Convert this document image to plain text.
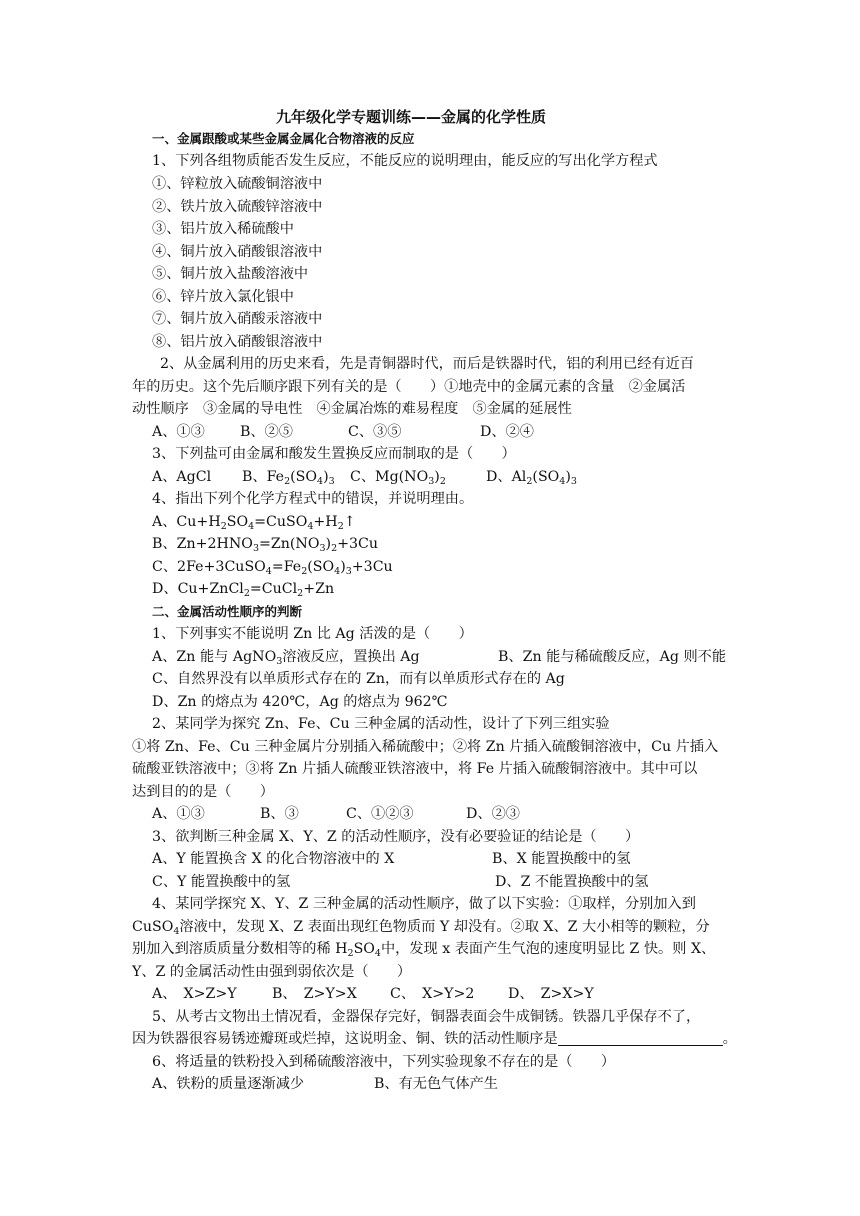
九年级化学专题训练——金属的化学性质
一、金属跟酸或某些金属金属化合物溶液的反应
1、下列各组物质能否发生反应，不能反应的说明理由，能反应的写出化学方程式
①、锌粒放入硫酸铜溶液中
②、铁片放入硫酸锌溶液中
③、铝片放入稀硫酸中
④、铜片放入硝酸银溶液中
⑤、铜片放入盐酸溶液中
⑥、锌片放入氯化银中
⑦、铜片放入硝酸汞溶液中
⑧、铝片放入硝酸银溶液中
2、从金属利用的历史来看，先是青铜器时代，而后是铁器时代，铝的利用已经有近百
年的历史。这个先后顺序跟下列有关的是（　　）①地壳中的金属元素的含量　②金属活
动性顺序　③金属的导电性　④金属冶炼的难易程度　⑤金属的延展性
A、①③ B、②⑤	C、③⑤	D、②④
3、下列盐可由金属和酸发生置换反应而制取的是（　　）
A、AgCl B、$Fe_2(SO_4)_3$ C、$Mg(NO_3)_2$	D、$Al_2(SO_4)_3$
4、指出下列个化学方程式中的错误，并说明理由。
A、$Cu+H_2SO_4=CuSO_4+H_2↑$
B、$Zn+2HNO_3=Zn(NO_3)_2+3Cu$
C、$2Fe+3CuSO_4=Fe_2(SO_4)_3+3Cu$
D、Cu+ZnCl$_2$=CuCl$_2$+Zn
二、金属活动性顺序的判断
1、下列事实不能说明 Zn 比 Ag 活泼的是（　　）
A、Zn 能与 AgNO$_3$溶液反应，置换出 Ag	B、Zn 能与稀硫酸反应，Ag 则不能
C、自然界没有以单质形式存在的 Zn，而有以单质形式存在的 Ag
D、Zn 的熔点为 420℃，Ag 的熔点为 962℃
2、某同学为探究 Zn、Fe、Cu 三种金属的活动性，设计了下列三组实验
①将 Zn、Fe、Cu 三种金属片分别插入稀硫酸中；②将 Zn 片插入硫酸铜溶液中，Cu 片插入
硫酸亚铁溶液中；③将 Zn 片插人硫酸亚铁溶液中，将 Fe 片插入硫酸铜溶液中。其中可以
达到目的的是（　　）
A、①③	B、③	C、①②③	D、②③
3、欲判断三种金属 X、Y、Z 的活动性顺序，没有必要验证的结论是（　　）
A、Y 能置换含 X 的化合物溶液中的 X	B、X 能置换酸中的氢
C、Y 能置换酸中的氢	D、Z 不能置换酸中的氢
4、某同学探究 X、Y、Z 三种金属的活动性顺序，做了以下实验：①取样，分别加入到
CuSO$_4$溶液中，发现 X、Z 表面出现红色物质而 Y 却没有。②取 X、Z 大小相等的颗粒，分
别加入到溶质质量分数相等的稀 $H_2SO_4$中，发现 x 表面产生气泡的速度明显比 Z 快。则 X、
Y、Z 的金属活动性由强到弱依次是（　　）
A、　X>Z>Y B、　Z>Y>X C、　X>Y>2 D、　Z>X>Y
5、从考古文物出土情况看，金器保存完好，铜器表面会牛成铜锈。铁器几乎保存不了，
因为铁器很容易锈迹瓣斑或烂掉，这说明金、铜、铁的活动性顺序是	。
6、将适量的铁粉投入到稀硫酸溶液中，下列实验现象不存在的是（　　）
A、铁粉的质量逐渐减少	B、有无色气体产生
